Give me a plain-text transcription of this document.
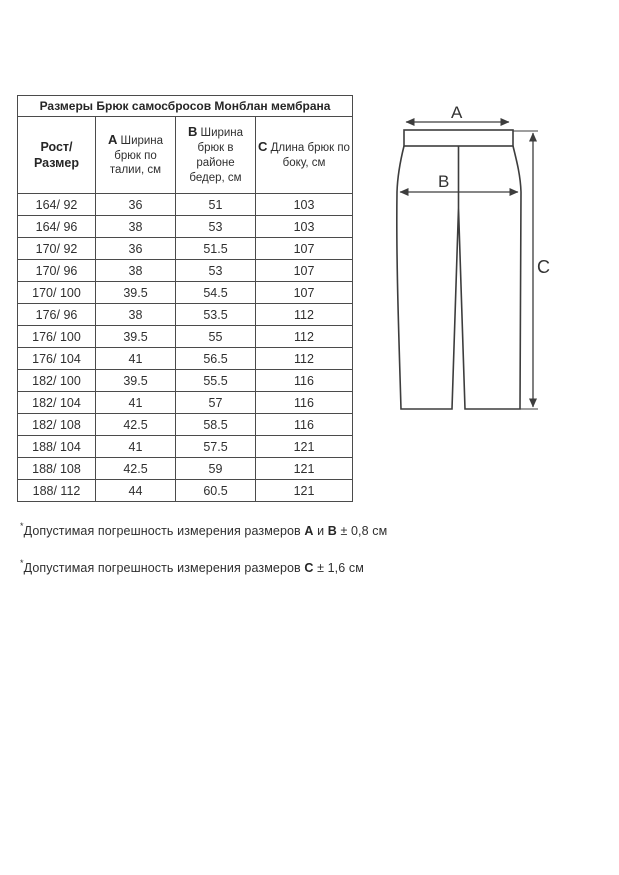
Размеры Брюк самосбросов Монблан мембрана			
Рост/Размер	А Ширина брюк по талии, см	В Ширина брюк в районе бедер, см	С Длина брюк по боку, см
164/ 92	36	51	103
164/ 96	38	53	103
170/ 92	36	51.5	107
170/ 96	38	53	107
170/ 100	39.5	54.5	107
176/ 96	38	53.5	112
176/ 100	39.5	55	112
176/ 104	41	56.5	112
182/ 100	39.5	55.5	116
182/ 104	41	57	116
182/ 108	42.5	58.5	116
188/ 104	41	57.5	121
188/ 108	42.5	59	121
188/ 112	44	60.5	121
A
B
C

*Допустимая погрешность измерения размеров А и В ± 0,8 см

*Допустимая погрешность измерения размеров С ± 1,6 см
